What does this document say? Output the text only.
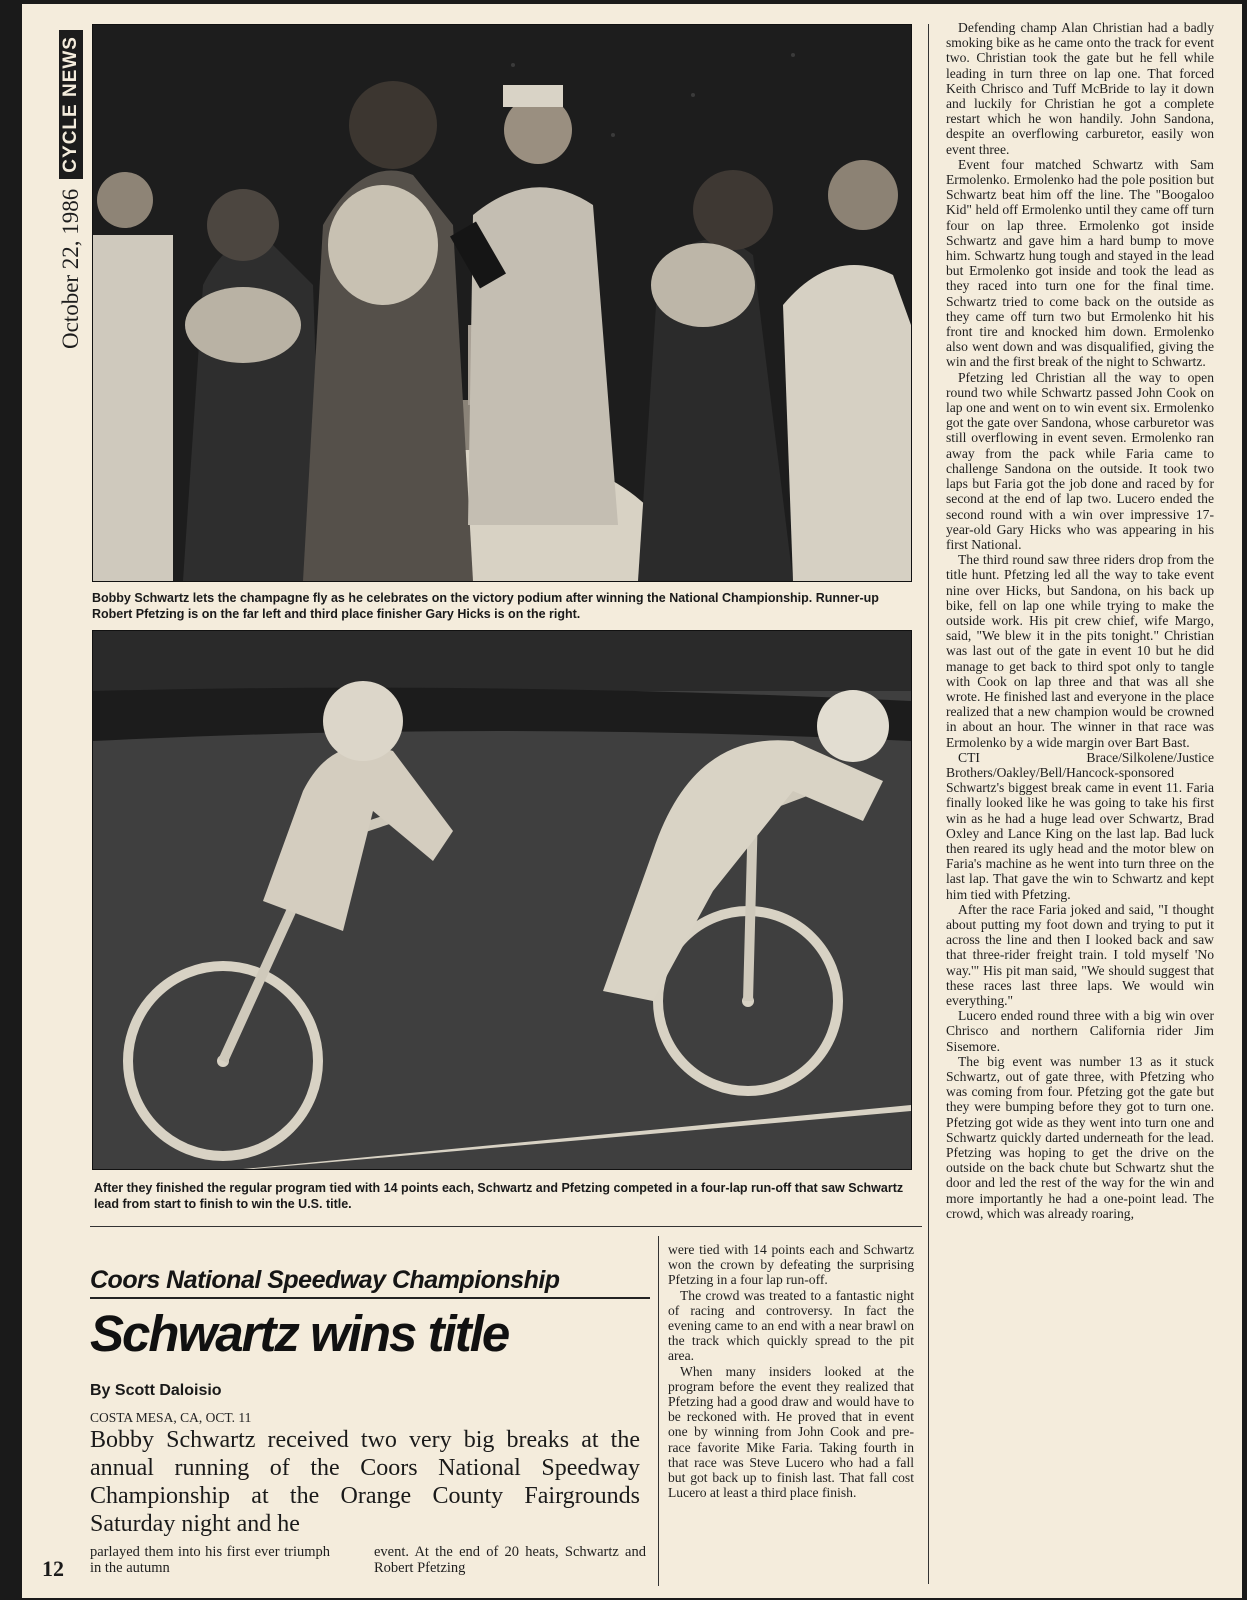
October 22, 1986
CYCLE NEWS
Bobby Schwartz lets the champagne fly as he celebrates on the victory podium after winning the National Championship. Runner-up Robert Pfetzing is on the far left and third place finisher Gary Hicks is on the right.
After they finished the regular program tied with 14 points each, Schwartz and Pfetzing competed in a four-lap run-off that saw Schwartz lead from start to finish to win the U.S. title.
Coors National Speedway Championship
Schwartz wins title
By Scott Daloisio
COSTA MESA, CA, OCT. 11
Bobby Schwartz received two very big breaks at the annual running of the Coors National Speedway Championship at the Orange County Fairgrounds Saturday night and he

parlayed them into his first ever triumph in the autumn

event. At the end of 20 heats, Schwartz and Robert Pfetzing

were tied with 14 points each and Schwartz won the crown by defeating the surprising Pfetzing in a four lap run-off.

The crowd was treated to a fantastic night of racing and controversy. In fact the evening came to an end with a near brawl on the track which quickly spread to the pit area.

When many insiders looked at the program before the event they realized that Pfetzing had a good draw and would have to be reckoned with. He proved that in event one by winning from John Cook and pre-race favorite Mike Faria. Taking fourth in that race was Steve Lucero who had a fall but got back up to finish last. That fall cost Lucero at least a third place finish.

Defending champ Alan Christian had a badly smoking bike as he came onto the track for event two. Christian took the gate but he fell while leading in turn three on lap one. That forced Keith Chrisco and Tuff McBride to lay it down and luckily for Christian he got a complete restart which he won handily. John Sandona, despite an overflowing carburetor, easily won event three.

Event four matched Schwartz with Sam Ermolenko. Ermolenko had the pole position but Schwartz beat him off the line. The "Boogaloo Kid" held off Ermolenko until they came off turn four on lap three. Ermolenko got inside Schwartz and gave him a hard bump to move him. Schwartz hung tough and stayed in the lead but Ermolenko got inside and took the lead as they raced into turn one for the final time. Schwartz tried to come back on the outside as they came off turn two but Ermolenko hit his front tire and knocked him down. Ermolenko also went down and was disqualified, giving the win and the first break of the night to Schwartz.

Pfetzing led Christian all the way to open round two while Schwartz passed John Cook on lap one and went on to win event six. Ermolenko got the gate over Sandona, whose carburetor was still overflowing in event seven. Ermolenko ran away from the pack while Faria came to challenge Sandona on the outside. It took two laps but Faria got the job done and raced by for second at the end of lap two. Lucero ended the second round with a win over impressive 17-year-old Gary Hicks who was appearing in his first National.

The third round saw three riders drop from the title hunt. Pfetzing led all the way to take event nine over Hicks, but Sandona, on his back up bike, fell on lap one while trying to make the outside work. His pit crew chief, wife Margo, said, "We blew it in the pits tonight." Christian was last out of the gate in event 10 but he did manage to get back to third spot only to tangle with Cook on lap three and that was all she wrote. He finished last and everyone in the place realized that a new champion would be crowned in about an hour. The winner in that race was Ermolenko by a wide margin over Bart Bast.

CTI Brace/Silkolene/Justice Brothers/Oakley/Bell/Hancock-sponsored Schwartz's biggest break came in event 11. Faria finally looked like he was going to take his first win as he had a huge lead over Schwartz, Brad Oxley and Lance King on the last lap. Bad luck then reared its ugly head and the motor blew on Faria's machine as he went into turn three on the last lap. That gave the win to Schwartz and kept him tied with Pfetzing.

After the race Faria joked and said, "I thought about putting my foot down and trying to put it across the line and then I looked back and saw that three-rider freight train. I told myself 'No way.'" His pit man said, "We should suggest that these races last three laps. We would win everything."

Lucero ended round three with a big win over Chrisco and northern California rider Jim Sisemore.

The big event was number 13 as it stuck Schwartz, out of gate three, with Pfetzing who was coming from four. Pfetzing got the gate but they were bumping before they got to turn one. Pfetzing got wide as they went into turn one and Schwartz quickly darted underneath for the lead. Pfetzing was hoping to get the drive on the outside on the back chute but Schwartz shut the door and led the rest of the way for the win and more importantly he had a one-point lead. The crowd, which was already roaring,

12
